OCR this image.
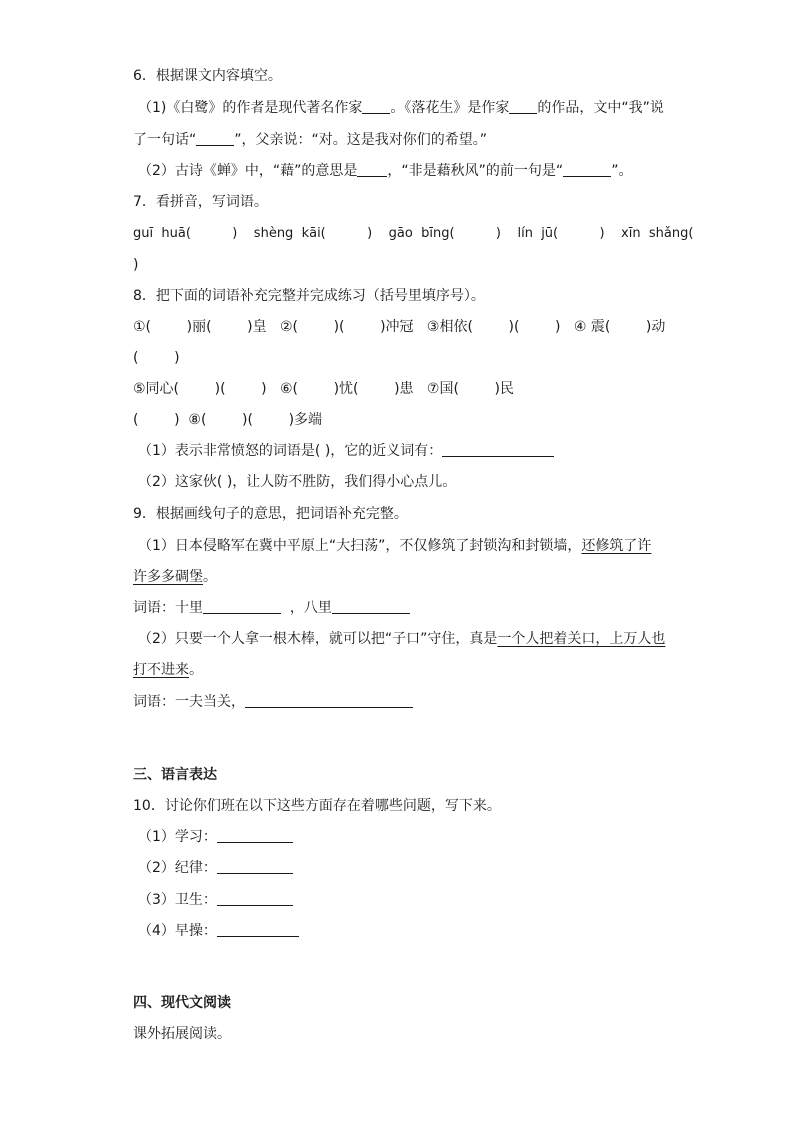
6．根据课文内容填空。
（1)《白鹭》的作者是现代著名作家 。《落花生》是作家 的作品，文中“我”说
了一句话“	”，父亲说：“对。这是我对你们的希望。”
（2）古诗《蝉》中，“藉”的意思是 ，“非是藉秋风”的前一句是“	”。
7．看拼音，写词语。
guī  huā(          )    shèng  kāi(          )    gāo  bīng(          )    lín  jū(          )    xīn  shǎng(
)
8．把下面的词语补充完整并完成练习（括号里填序号）。
①(        )丽(        )皇   ②(        )(        )冲冠   ③相依(        )(        )   ④ 震(        )动
(        )
⑤同心(        )(        )   ⑥(        )忧(        )患   ⑦国(        )民
(        )  ⑧(        )(        )多端
（1）表示非常愤怒的词语是( )，它的近义词有：
（2）这家伙( )，让人防不胜防，我们得小心点儿。
9．根据画线句子的意思，把词语补充完整。
（1）日本侵略军在冀中平原上“大扫荡”，不仅修筑了封锁沟和封锁墙，还修筑了许
许多多碉堡。
词语：十里	，八里
（2）只要一个人拿一根木棒，就可以把“子口”守住，真是一个人把着关口，上万人也
打不进来。
词语：一夫当关，
三、语言表达
10．讨论你们班在以下这些方面存在着哪些问题，写下来。
（1）学习：
（2）纪律：
（3）卫生：
（4）早操：
四、现代文阅读
课外拓展阅读。
